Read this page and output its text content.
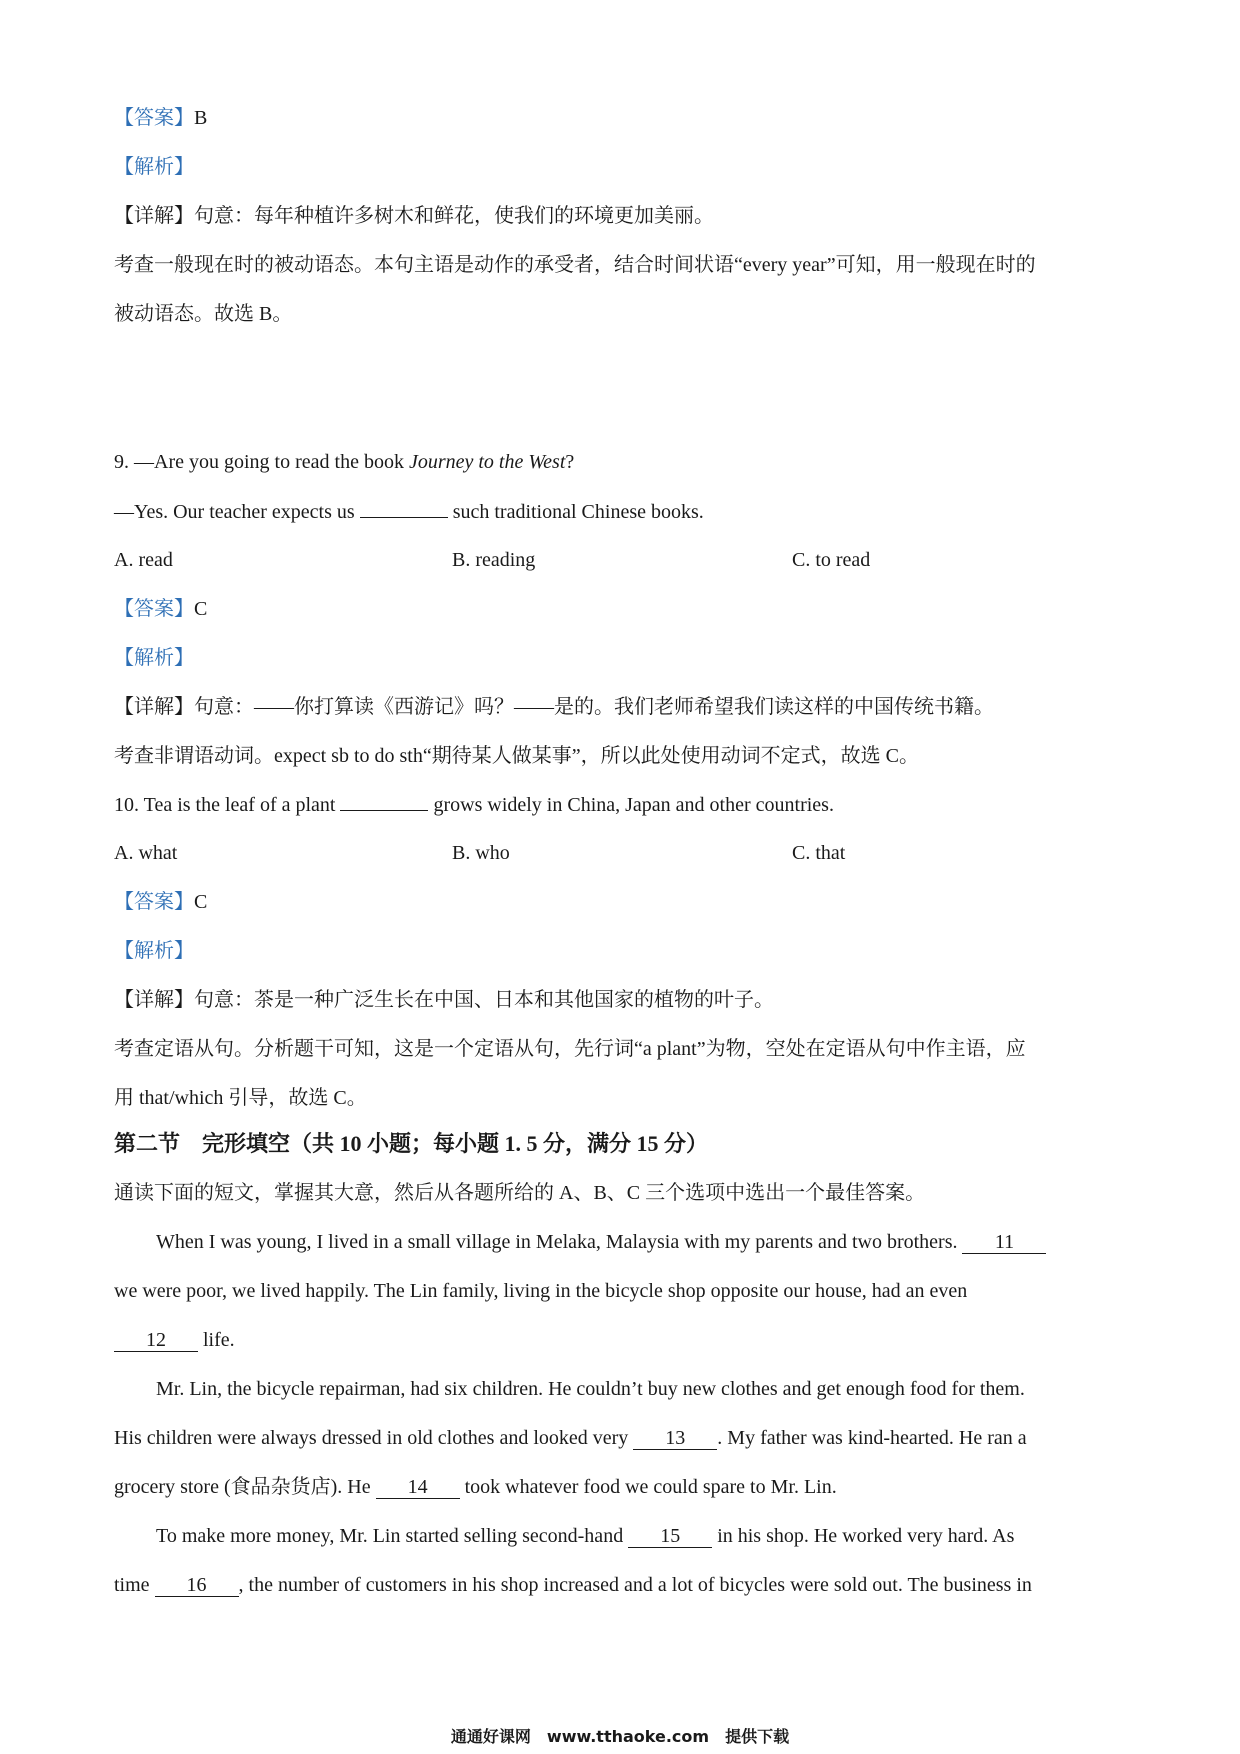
【答案】B
【解析】
【详解】句意：每年种植许多树木和鲜花，使我们的环境更加美丽。
考查一般现在时的被动语态。本句主语是动作的承受者，结合时间状语“every year”可知，用一般现在时的
被动语态。故选 B。
9. —Are you going to read the book Journey to the West?
—Yes. Our teacher expects us	such traditional Chinese books.
A. read	B. reading	C. to read
【答案】C
【解析】
【详解】句意：——你打算读《西游记》吗？——是的。我们老师希望我们读这样的中国传统书籍。
考查非谓语动词。expect sb to do sth“期待某人做某事”，所以此处使用动词不定式，故选 C。
10. Tea is the leaf of a plant	grows widely in China, Japan and other countries.
A. what	B. who	C. that
【答案】C
【解析】
【详解】句意：茶是一种广泛生长在中国、日本和其他国家的植物的叶子。
考查定语从句。分析题干可知，这是一个定语从句，先行词“a plant”为物，空处在定语从句中作主语，应
用 that/which 引导，故选 C。
第二节　完形填空（共 10 小题；每小题 1. 5 分，满分 15 分）
通读下面的短文，掌握其大意，然后从各题所给的 A、B、C 三个选项中选出一个最佳答案。
When I was young, I lived in a small village in Melaka, Malaysia with my parents and two brothers. 11
we were poor, we lived happily. The Lin family, living in the bicycle shop opposite our house, had an even
12 life.
Mr. Lin, the bicycle repairman, had six children. He couldn’t buy new clothes and get enough food for them.
His children were always dressed in old clothes and looked very 13 . My father was kind-hearted. He ran a
grocery store (食品杂货店). He 14 took whatever food we could spare to Mr. Lin.
To make more money, Mr. Lin started selling second-hand 15 in his shop. He worked very hard. As
time 16 , the number of customers in his shop increased and a lot of bicycles were sold out. The business in
通通好课网　www.tthaoke.com　提供下载
